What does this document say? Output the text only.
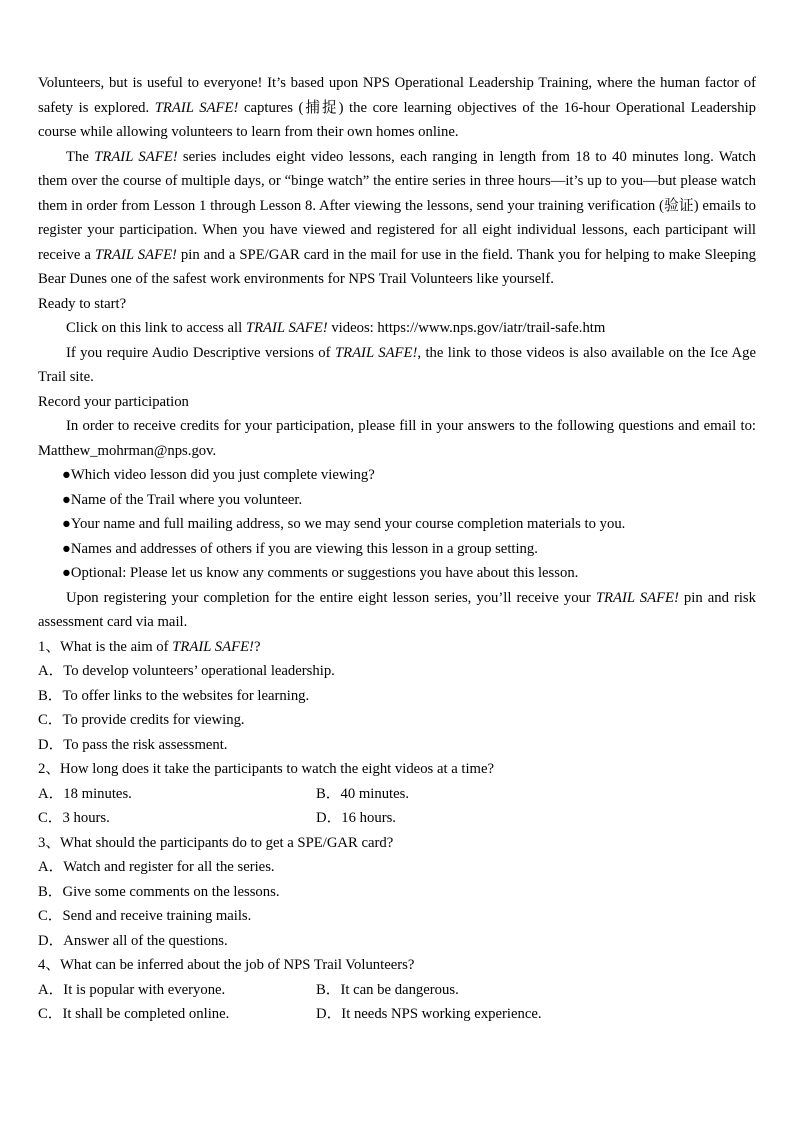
Volunteers, but is useful to everyone! It’s based upon NPS Operational Leadership Training, where the human factor of safety is explored. TRAIL SAFE! captures (捕捉) the core learning objectives of the 16-hour Operational Leadership course while allowing volunteers to learn from their own homes online.

The TRAIL SAFE! series includes eight video lessons, each ranging in length from 18 to 40 minutes long. Watch them over the course of multiple days, or “binge watch” the entire series in three hours—it’s up to you—but please watch them in order from Lesson 1 through Lesson 8. After viewing the lessons, send your training verification (验证) emails to register your participation. When you have viewed and registered for all eight individual lessons, each participant will receive a TRAIL SAFE! pin and a SPE/GAR card in the mail for use in the field. Thank you for helping to make Sleeping Bear Dunes one of the safest work environments for NPS Trail Volunteers like yourself.

Ready to start?

Click on this link to access all TRAIL SAFE! videos: https://www.nps.gov/iatr/trail-safe.htm

If you require Audio Descriptive versions of TRAIL SAFE!, the link to those videos is also available on the Ice Age Trail site.

Record your participation

In order to receive credits for your participation, please fill in your answers to the following questions and email to: Matthew_mohrman@nps.gov.

●Which video lesson did you just complete viewing?

●Name of the Trail where you volunteer.

●Your name and full mailing address, so we may send your course completion materials to you.

●Names and addresses of others if you are viewing this lesson in a group setting.

●Optional: Please let us know any comments or suggestions you have about this lesson.

Upon registering your completion for the entire eight lesson series, you’ll receive your TRAIL SAFE! pin and risk assessment card via mail.

1、What is the aim of TRAIL SAFE!?

A．To develop volunteers’ operational leadership.

B．To offer links to the websites for learning.

C．To provide credits for viewing.

D．To pass the risk assessment.

2、How long does it take the participants to watch the eight videos at a time?

A．18 minutes.	B．40 minutes.

C．3 hours.	D．16 hours.

3、What should the participants do to get a SPE/GAR card?

A．Watch and register for all the series.

B．Give some comments on the lessons.

C．Send and receive training mails.

D．Answer all of the questions.

4、What can be inferred about the job of NPS Trail Volunteers?

A．It is popular with everyone.	B．It can be dangerous.

C．It shall be completed online.	D．It needs NPS working experience.
